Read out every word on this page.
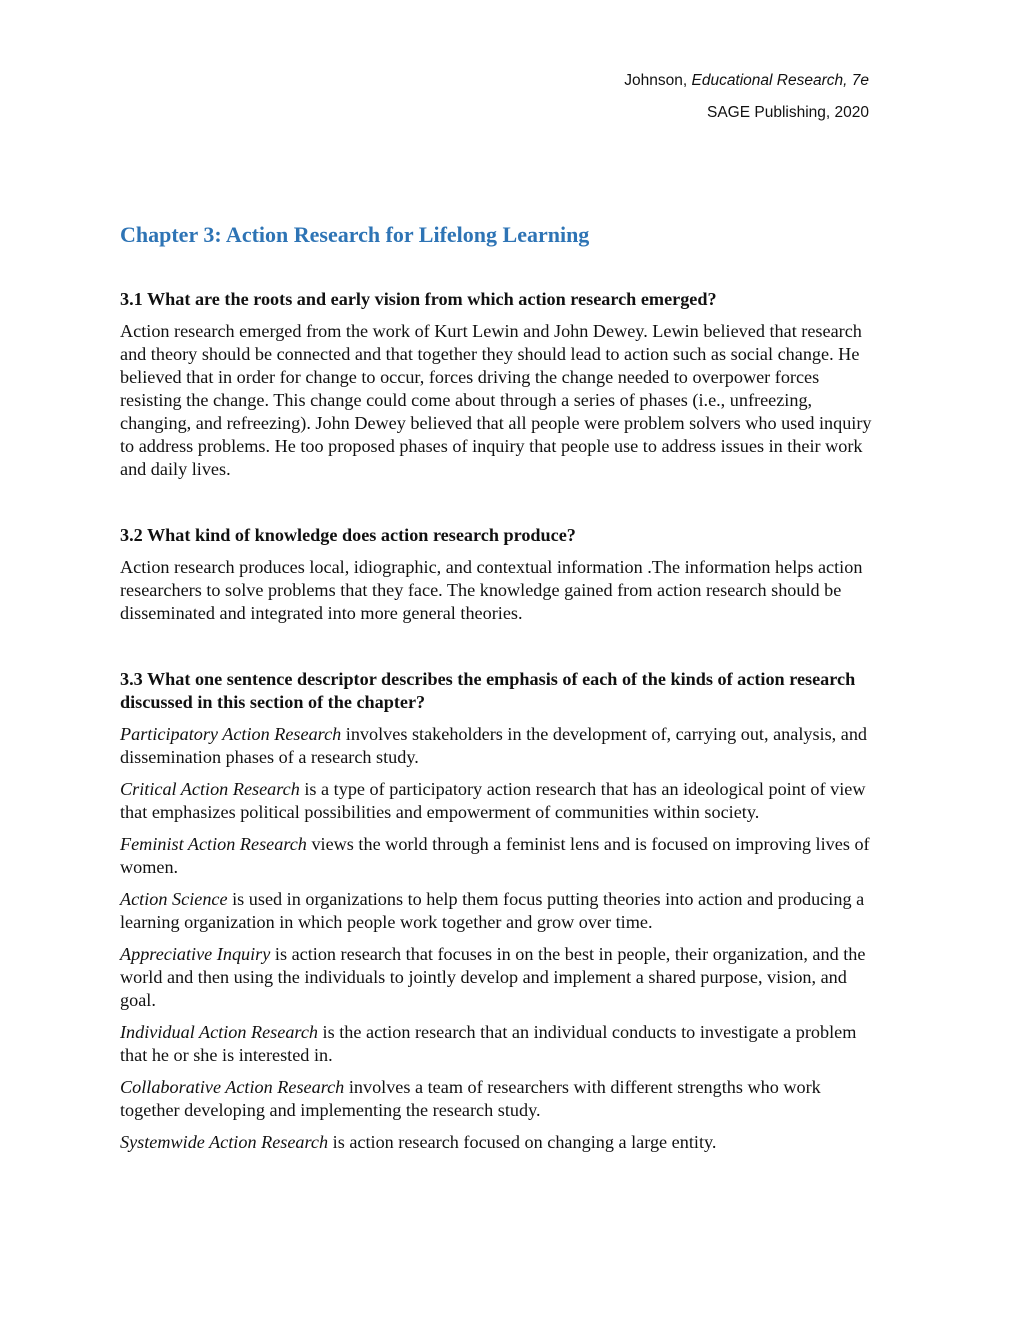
Johnson, Educational Research, 7e
SAGE Publishing, 2020
Chapter 3: Action Research for Lifelong Learning

3.1 What are the roots and early vision from which action research emerged?

Action research emerged from the work of Kurt Lewin and John Dewey. Lewin believed that research and theory should be connected and that together they should lead to action such as social change. He believed that in order for change to occur, forces driving the change needed to overpower forces resisting the change. This change could come about through a series of phases (i.e., unfreezing, changing, and refreezing). John Dewey believed that all people were problem solvers who used inquiry to address problems. He too proposed phases of inquiry that people use to address issues in their work and daily lives.

3.2 What kind of knowledge does action research produce?

Action research produces local, idiographic, and contextual information .The information helps action researchers to solve problems that they face. The knowledge gained from action research should be disseminated and integrated into more general theories.

3.3 What one sentence descriptor describes the emphasis of each of the kinds of action research discussed in this section of the chapter?

Participatory Action Research involves stakeholders in the development of, carrying out, analysis, and dissemination phases of a research study.

Critical Action Research is a type of participatory action research that has an ideological point of view that emphasizes political possibilities and empowerment of communities within society.

Feminist Action Research views the world through a feminist lens and is focused on improving lives of women.

Action Science is used in organizations to help them focus putting theories into action and producing a learning organization in which people work together and grow over time.

Appreciative Inquiry is action research that focuses in on the best in people, their organization, and the world and then using the individuals to jointly develop and implement a shared purpose, vision, and goal.

Individual Action Research is the action research that an individual conducts to investigate a problem that he or she is interested in.

Collaborative Action Research involves a team of researchers with different strengths who work together developing and implementing the research study.

Systemwide Action Research is action research focused on changing a large entity.
